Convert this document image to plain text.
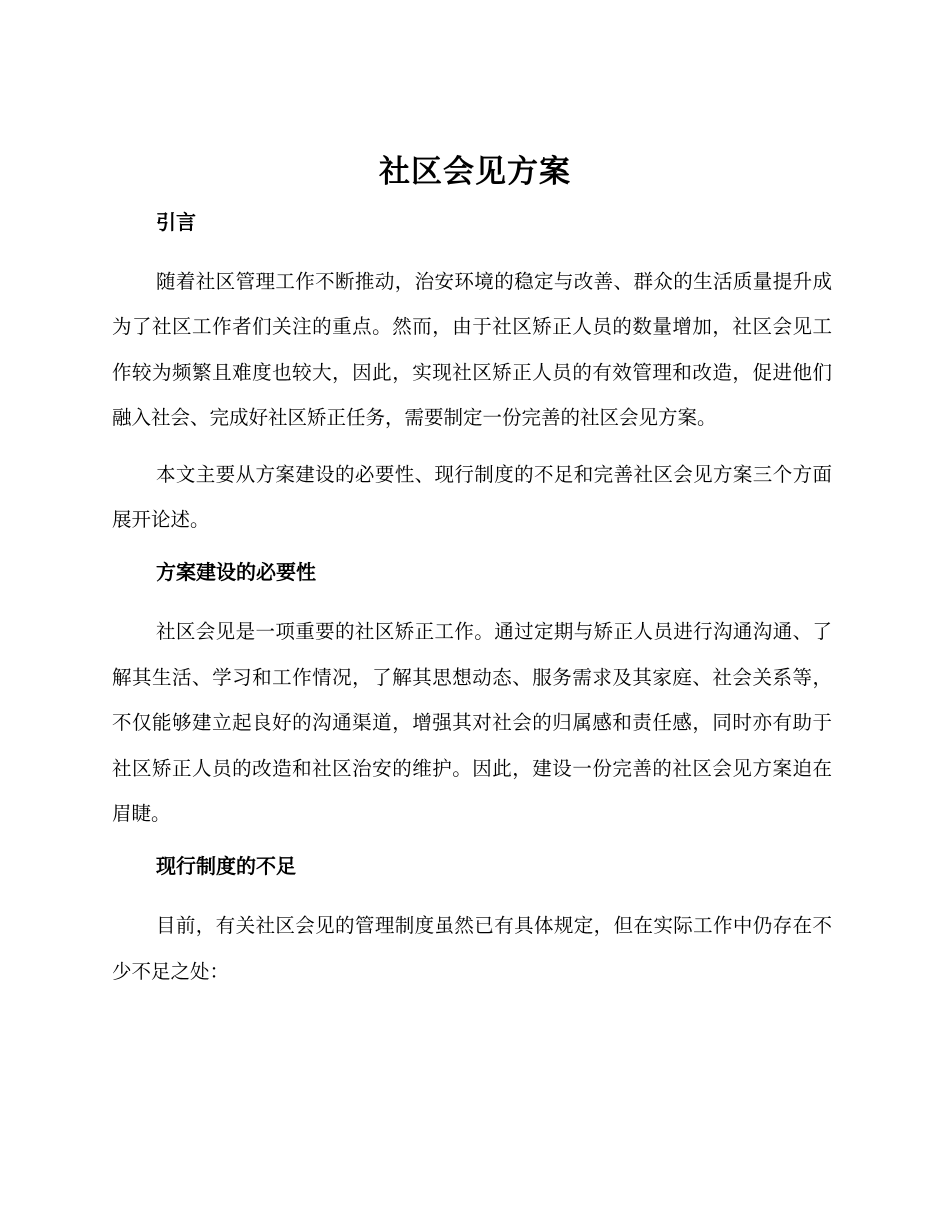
社区会见方案
引言

随着社区管理工作不断推动，治安环境的稳定与改善、群众的生活质量提升成为了社区工作者们关注的重点。然而，由于社区矫正人员的数量增加，社区会见工作较为频繁且难度也较大，因此，实现社区矫正人员的有效管理和改造，促进他们融入社会、完成好社区矫正任务，需要制定一份完善的社区会见方案。

本文主要从方案建设的必要性、现行制度的不足和完善社区会见方案三个方面展开论述。

方案建设的必要性

社区会见是一项重要的社区矫正工作。通过定期与矫正人员进行沟通沟通、了解其生活、学习和工作情况，了解其思想动态、服务需求及其家庭、社会关系等，不仅能够建立起良好的沟通渠道，增强其对社会的归属感和责任感，同时亦有助于社区矫正人员的改造和社区治安的维护。因此，建设一份完善的社区会见方案迫在眉睫。

现行制度的不足

目前，有关社区会见的管理制度虽然已有具体规定，但在实际工作中仍存在不少不足之处：
